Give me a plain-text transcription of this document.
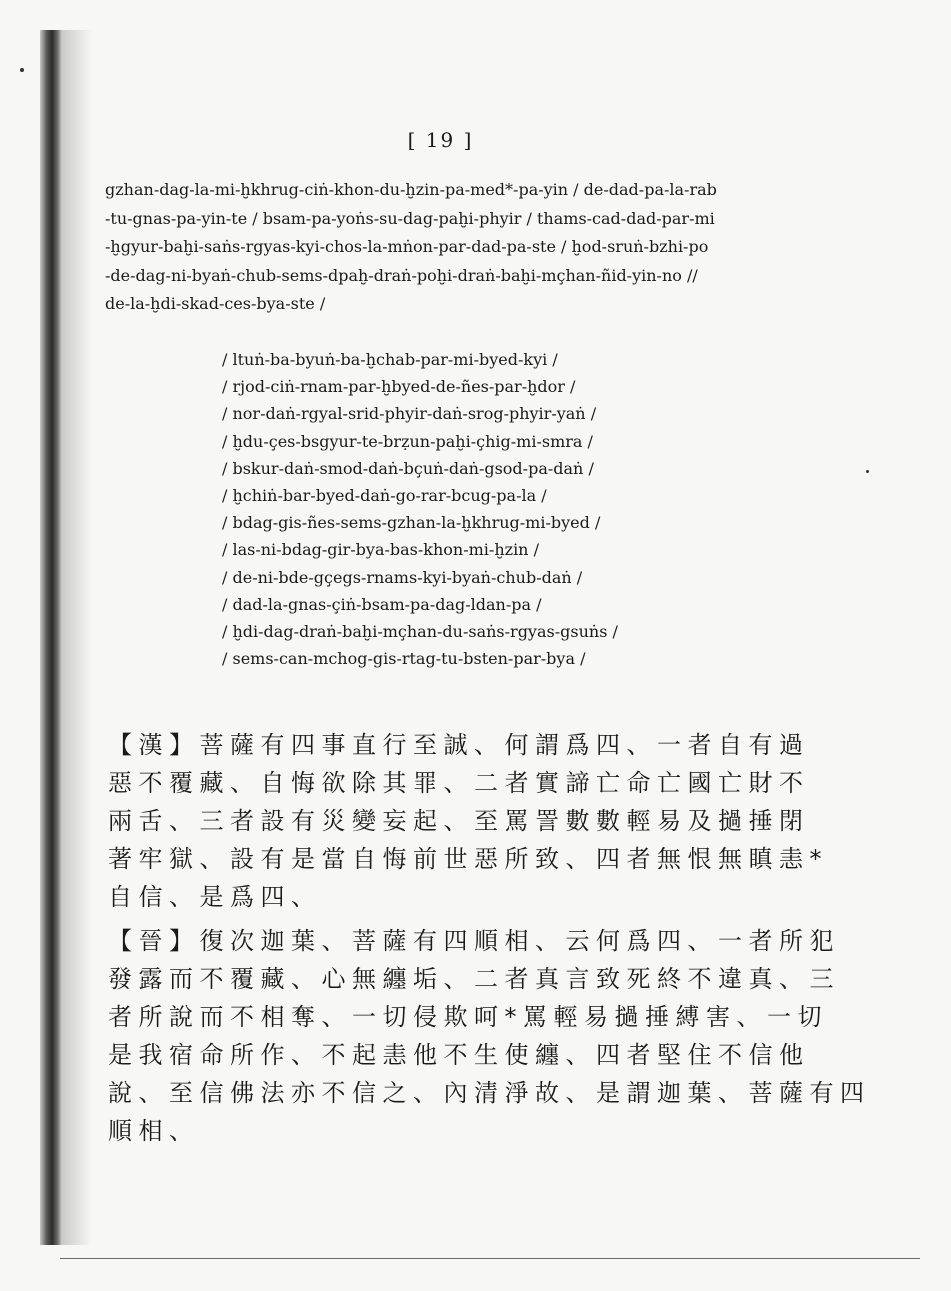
[ 19 ]
gzhan-dag-la-mi-ḫkhrug-ciṅ-khon-du-ḫzin-pa-med*-pa-yin / de-dad-pa-la-rab
-tu-gnas-pa-yin-te / bsam-pa-yoṅs-su-dag-paḫi-phyir / thams-cad-dad-par-mi
-ḫgyur-baḫi-saṅs-rgyas-kyi-chos-la-mṅon-par-dad-pa-ste / ḫod-sruṅ-bzhi-po
-de-dag-ni-byaṅ-chub-sems-dpaḫ-draṅ-poḫi-draṅ-baḫi-mçhan-ñid-yin-no //
de-la-ḫdi-skad-ces-bya-ste /
/ ltuṅ-ba-byuṅ-ba-ḫchab-par-mi-byed-kyi /
/ rjod-ciṅ-rnam-par-ḫbyed-de-ñes-par-ḫdor /
/ nor-daṅ-rgyal-srid-phyir-daṅ-srog-phyir-yaṅ /
/ ḫdu-çes-bsgyur-te-brẓun-paḫi-çhig-mi-smra /
/ bskur-daṅ-smod-daṅ-bçuṅ-daṅ-gsod-pa-daṅ /
/ ḫchiṅ-bar-byed-daṅ-go-rar-bcug-pa-la /
/ bdag-gis-ñes-sems-gzhan-la-ḫkhrug-mi-byed /
/ las-ni-bdag-gir-bya-bas-khon-mi-ḫzin /
/ de-ni-bde-gçegs-rnams-kyi-byaṅ-chub-daṅ /
/ dad-la-gnas-çiṅ-bsam-pa-dag-ldan-pa /
/ ḫdi-dag-draṅ-baḫi-mçhan-du-saṅs-rgyas-gsuṅs /
/ sems-can-mchog-gis-rtag-tu-bsten-par-bya /
【漢】菩薩有四事直行至誠、何謂爲四、一者自有過
惡不覆藏、自悔欲除其罪、二者實諦亡命亡國亡財不
兩舌、三者設有災變妄起、至罵詈數數輕易及撾捶閉
著牢獄、設有是當自悔前世惡所致、四者無恨無瞋恚*
自信、是爲四、
【晉】復次迦葉、菩薩有四順相、云何爲四、一者所犯
發露而不覆藏、心無纏垢、二者真言致死終不違真、三
者所說而不相奪、一切侵欺呵*罵輕易撾捶縛害、一切
是我宿命所作、不起恚他不生使纏、四者堅住不信他
說、至信佛法亦不信之、內清淨故、是謂迦葉、菩薩有四
順相、
